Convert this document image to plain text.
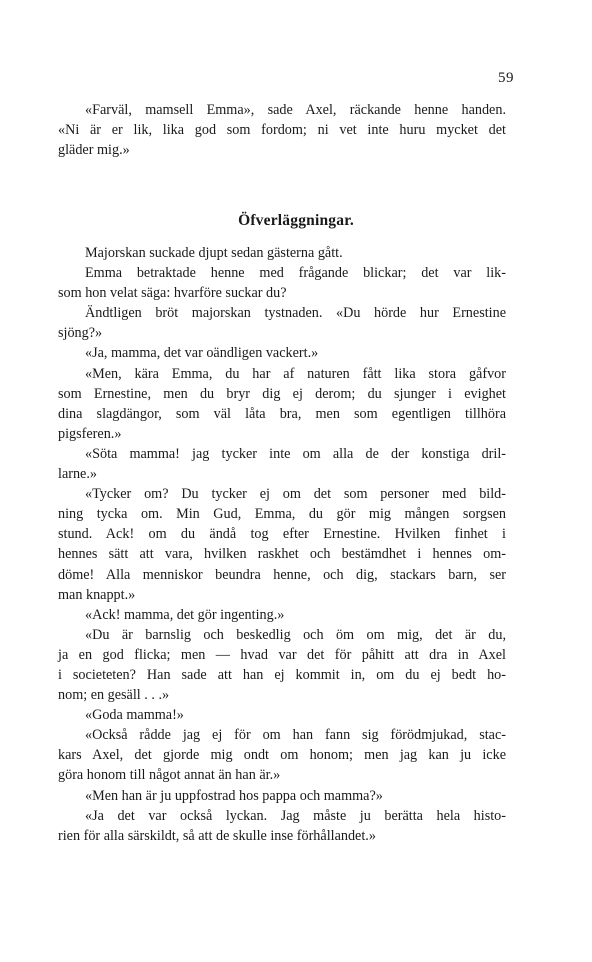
59
«Farväl, mamsell Emma», sade Axel, räckande henne handen.
«Ni är er lik, lika god som fordom; ni vet inte huru mycket det
gläder mig.»
Öfverläggningar.
Majorskan suckade djupt sedan gästerna gått.
Emma betraktade henne med frågande blickar; det var lik-
som hon velat säga: hvarföre suckar du?
Ändtligen bröt majorskan tystnaden. «Du hörde hur Ernestine
sjöng?»
«Ja, mamma, det var oändligen vackert.»
«Men, kära Emma, du har af naturen fått lika stora gåfvor
som Ernestine, men du bryr dig ej derom; du sjunger i evighet
dina slagdängor, som väl låta bra, men som egentligen tillhöra
pigsferen.»
«Söta mamma! jag tycker inte om alla de der konstiga dril-
larne.»
«Tycker om? Du tycker ej om det som personer med bild-
ning tycka om. Min Gud, Emma, du gör mig mången sorgsen
stund. Ack! om du ändå tog efter Ernestine. Hvilken finhet i
hennes sätt att vara, hvilken raskhet och bestämdhet i hennes om-
döme! Alla menniskor beundra henne, och dig, stackars barn, ser
man knappt.»
«Ack! mamma, det gör ingenting.»
«Du är barnslig och beskedlig och öm om mig, det är du,
ja en god flicka; men — hvad var det för påhitt att dra in Axel
i societeten? Han sade att han ej kommit in, om du ej bedt ho-
nom; en gesäll . . .»
«Goda mamma!»
«Också rådde jag ej för om han fann sig förödmjukad, stac-
kars Axel, det gjorde mig ondt om honom; men jag kan ju icke
göra honom till något annat än han är.»
«Men han är ju uppfostrad hos pappa och mamma?»
«Ja det var också lyckan. Jag måste ju berätta hela histo-
rien för alla särskildt, så att de skulle inse förhållandet.»
